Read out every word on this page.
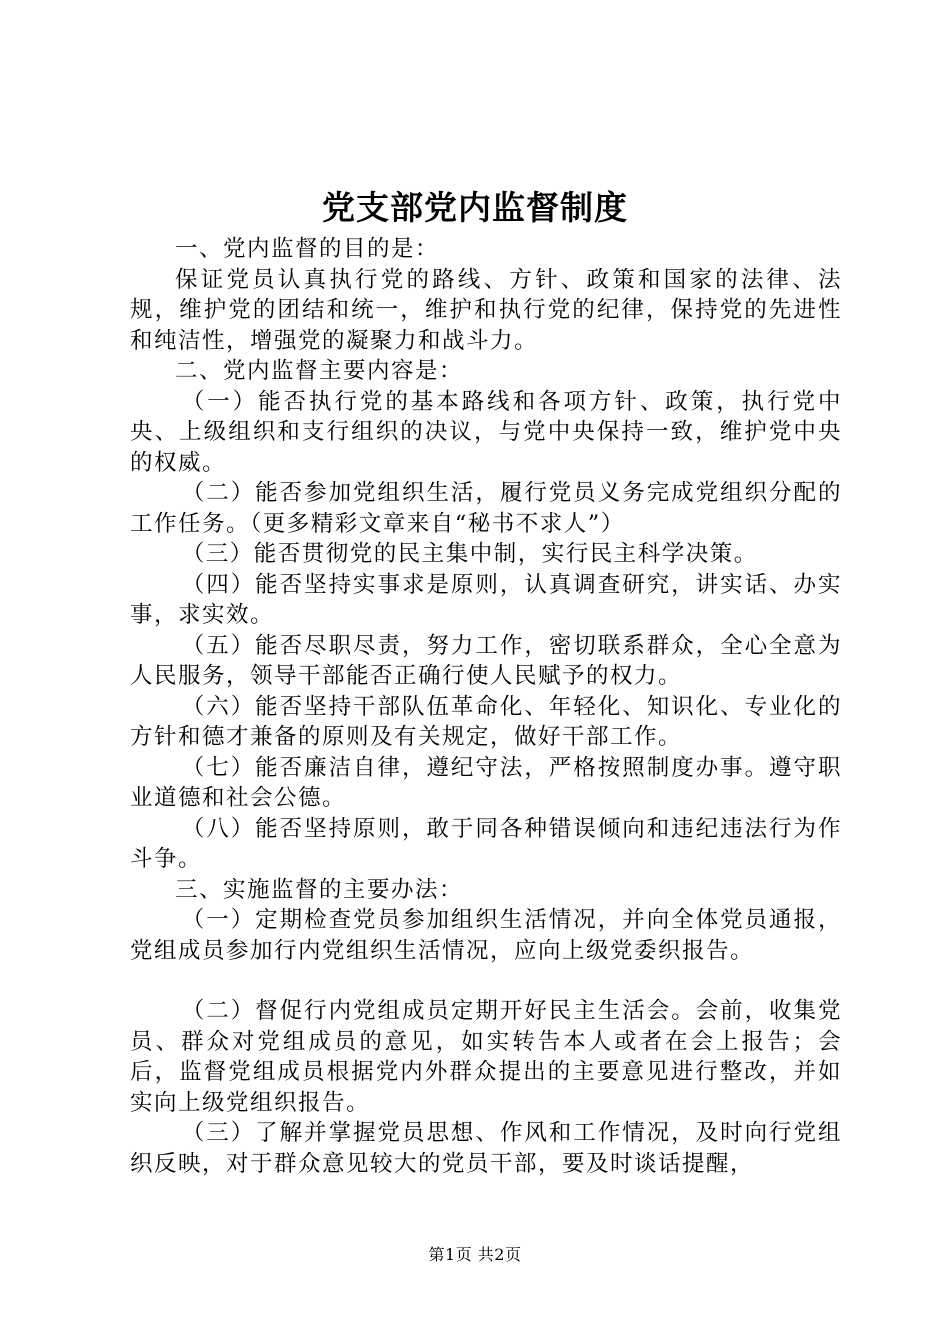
党支部党内监督制度

一、党内监督的目的是：

保证党员认真执行党的路线、方针、政策和国家的法律、法规，维护党的团结和统一，维护和执行党的纪律，保持党的先进性和纯洁性，增强党的凝聚力和战斗力。

二、党内监督主要内容是：

（一）能否执行党的基本路线和各项方针、政策，执行党中央、上级组织和支行组织的决议，与党中央保持一致，维护党中央的权威。

（二）能否参加党组织生活，履行党员义务完成党组织分配的工作任务。（更多精彩文章来自“秘书不求人”）

（三）能否贯彻党的民主集中制，实行民主科学决策。

（四）能否坚持实事求是原则，认真调查研究，讲实话、办实事，求实效。

（五）能否尽职尽责，努力工作，密切联系群众，全心全意为人民服务，领导干部能否正确行使人民赋予的权力。

（六）能否坚持干部队伍革命化、年轻化、知识化、专业化的方针和德才兼备的原则及有关规定，做好干部工作。

（七）能否廉洁自律，遵纪守法，严格按照制度办事。遵守职业道德和社会公德。

（八）能否坚持原则，敢于同各种错误倾向和违纪违法行为作斗争。

三、实施监督的主要办法：

（一）定期检查党员参加组织生活情况，并向全体党员通报，党组成员参加行内党组织生活情况，应向上级党委织报告。

（二）督促行内党组成员定期开好民主生活会。会前，收集党员、群众对党组成员的意见，如实转告本人或者在会上报告；会后，监督党组成员根据党内外群众提出的主要意见进行整改，并如实向上级党组织报告。

（三）了解并掌握党员思想、作风和工作情况，及时向行党组织反映，对于群众意见较大的党员干部，要及时谈话提醒，

第1页 共2页
